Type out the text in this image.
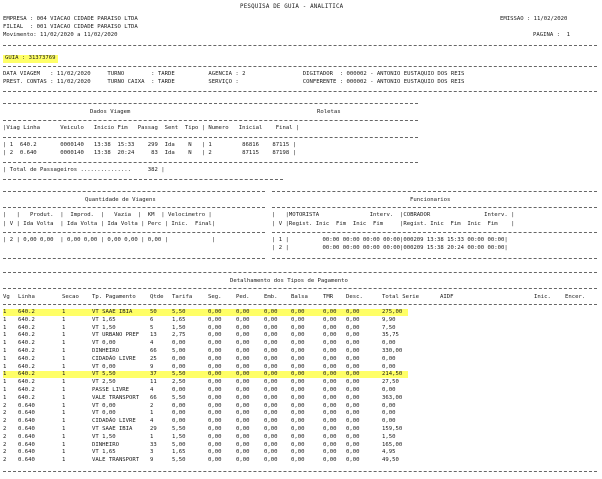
PESQUISA DE GUIA - ANALITICA
EMPRESA : 004 VIACAO CIDADE PARAISO LTDA
FILIAL  : 001 VIACAO CIDADE PARAISO LTDA
Movimento: 11/02/2020 a 11/02/2020
EMISSAO : 11/02/2020
PAGINA :  1
GUIA : 31373769
DATA VIAGEM   : 11/02/2020     TURNO        : TARDE          AGENCIA : 2                 DIGITADOR  : 000002 - ANTONIO EUSTAQUIO DOS REIS
PREST. CONTAS : 11/02/2020     TURNO CAIXA  : TARDE          SERVIÇO :                   CONFERENTE : 000002 - ANTONIO EUSTAQUIO DOS REIS
Dados Viagem	Roletas
|Viag Linha      Veiculo   Inicio Fim   Passag  Sent  Tipo | Numero   Inicial    Final |
| 1  640.2       0000140   13:38  15:33    299  Ida    N   | 1         86816    87115 |
| 2  0.640       0000140   13:38  20:24     83  Ida    N   | 2         87115    87198 |
| Total de Passageiros ...............     382 |
Quantidade de Viagens
|   |   Produt.  |  Improd.  |   Vazia  |  KM  | Velocimetro |
| V | Ida Volta  | Ida Volta | Ida Volta | Perc | Inic.  Final|
| 2 | 0,00 0,00  | 0,00 0,00 | 0,00 0,00 | 0,00 |             |
Funcionarios
|   |MOTORISTA               Interv.  |COBRADOR                Interv. |
| V |Regist. Inic  Fim  Inic  Fim     |Regist. Inic  Fim  Inic  Fim    |
| 1 |          00:00 00:00 00:00 00:00|000209 13:38 15:33 00:00 00:00|
| 2 |          00:00 00:00 00:00 00:00|000209 15:38 20:24 00:00 00:00|
Detalhamento dos Tipos de Pagamento
Vg Linha	Secao Tp. Pagamento	Qtde Tarifa	Seg.	Ped.	Emb. Balsa	TMR Desc.	Total Serie	AIDF	Inic.	Encer.
1 640.2	1	VT SAAE IBIA	50	5,50	0,00	0,00	0,00 0,00	0,00 0,00	275,00
1 640.2	1	VT 1,65	6	1,65	0,00	0,00	0,00 0,00	0,00 0,00	9,90
1 640.2	1	VT 1,50	5	1,50	0,00	0,00	0,00 0,00	0,00 0,00	7,50
1 640.2	1	VT URBANO PREF 13	2,75	0,00	0,00	0,00 0,00	0,00 0,00	35,75
1 640.2	1	VT 0,00	4	0,00	0,00	0,00	0,00 0,00	0,00 0,00	0,00
1 640.2	1	DINHEIRO	66	5,00	0,00	0,00	0,00 0,00	0,00 0,00	330,00
1 640.2	1	CIDADÃO LIVRE	25	0,00	0,00	0,00	0,00 0,00	0,00 0,00	0,00
1 640.2	1	VT 0,00	9	0,00	0,00	0,00	0,00 0,00	0,00 0,00	0,00
1 640.2	1	VT 5,50	37	5,50	0,00	0,00	0,00 0,00	0,00 0,00	214,50
1 640.2	1	VT 2,50	11	2,50	0,00	0,00	0,00 0,00	0,00 0,00	27,50
1 640.2	1	PASSE LIVRE	4	0,00	0,00	0,00	0,00 0,00	0,00 0,00	0,00
1 640.2	1	VALE TRANSPORT 66	5,50	0,00	0,00	0,00 0,00	0,00 0,00	363,00
2 0.640	1	VT 0,00	2	0,00	0,00	0,00	0,00 0,00	0,00 0,00	0,00
2 0.640	1	VT 0,00	1	0,00	0,00	0,00	0,00 0,00	0,00 0,00	0,00
2 0.640	1	CIDADÃO LIVRE	4	0,00	0,00	0,00	0,00 0,00	0,00 0,00	0,00
2 0.640	1	VT SAAE IBIA	29	5,50	0,00	0,00	0,00 0,00	0,00 0,00	159,50
2 0.640	1	VT 1,50	1	1,50	0,00	0,00	0,00 0,00	0,00 0,00	1,50
2 0.640	1	DINHEIRO	33	5,00	0,00	0,00	0,00 0,00	0,00 0,00	165,00
2 0.640	1	VT 1,65	3	1,65	0,00	0,00	0,00 0,00	0,00 0,00	4,95
2 0.640	1	VALE TRANSPORT 9	5,50	0,00	0,00	0,00 0,00	0,00 0,00	49,50
